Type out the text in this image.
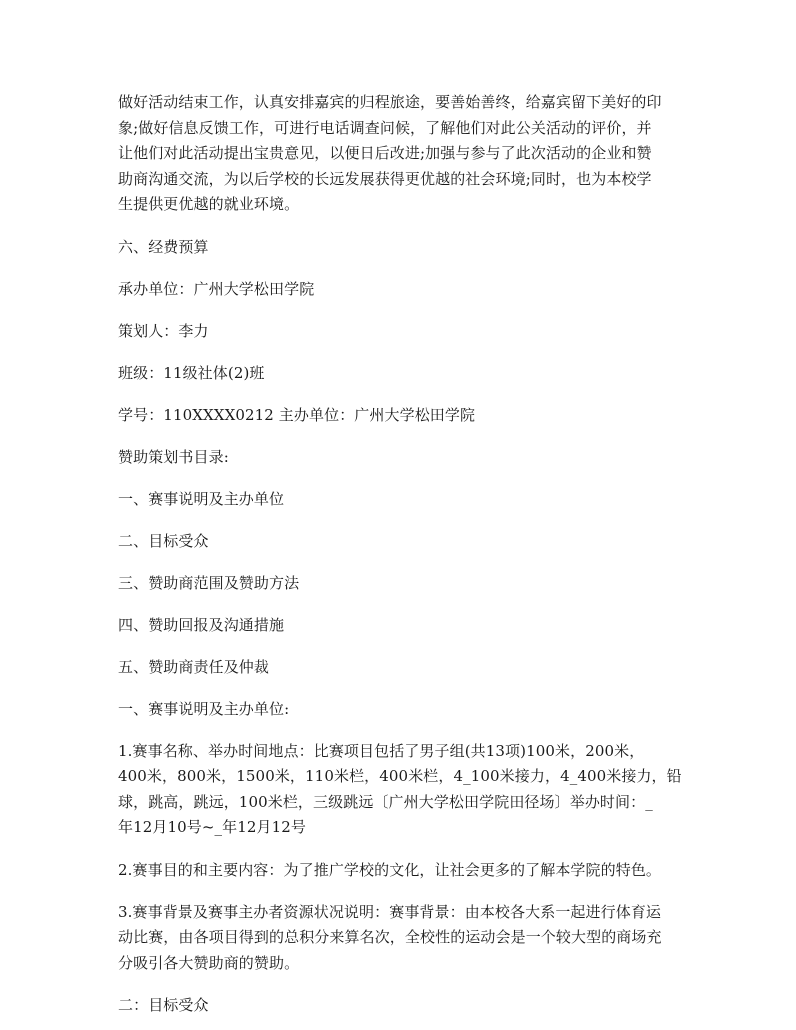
做好活动结束工作，认真安排嘉宾的归程旅途，要善始善终，给嘉宾留下美好的印
象;做好信息反馈工作，可进行电话调查问候，了解他们对此公关活动的评价，并
让他们对此活动提出宝贵意见，以便日后改进;加强与参与了此次活动的企业和赞
助商沟通交流，为以后学校的长远发展获得更优越的社会环境;同时，也为本校学
生提供更优越的就业环境。

六、经费预算

承办单位：广州大学松田学院

策划人：李力

班级：11级社体(2)班

学号：110XXXX0212 主办单位：广州大学松田学院

赞助策划书目录:

一、赛事说明及主办单位

二、目标受众

三、赞助商范围及赞助方法

四、赞助回报及沟通措施

五、赞助商责任及仲裁

一、赛事说明及主办单位:

1.赛事名称、举办时间地点：比赛项目包括了男子组(共13项)100米，200米，
400米，800米，1500米，110米栏，400米栏，4_100米接力，4_400米接力，铅
球，跳高，跳远，100米栏，三级跳远〔广州大学松田学院田径场〕举办时间：_
年12月10号~_年12月12号

2.赛事目的和主要内容：为了推广学校的文化，让社会更多的了解本学院的特色。

3.赛事背景及赛事主办者资源状况说明：赛事背景：由本校各大系一起进行体育运
动比赛，由各项目得到的总积分来算名次，全校性的运动会是一个较大型的商场充
分吸引各大赞助商的赞助。

二：目标受众
